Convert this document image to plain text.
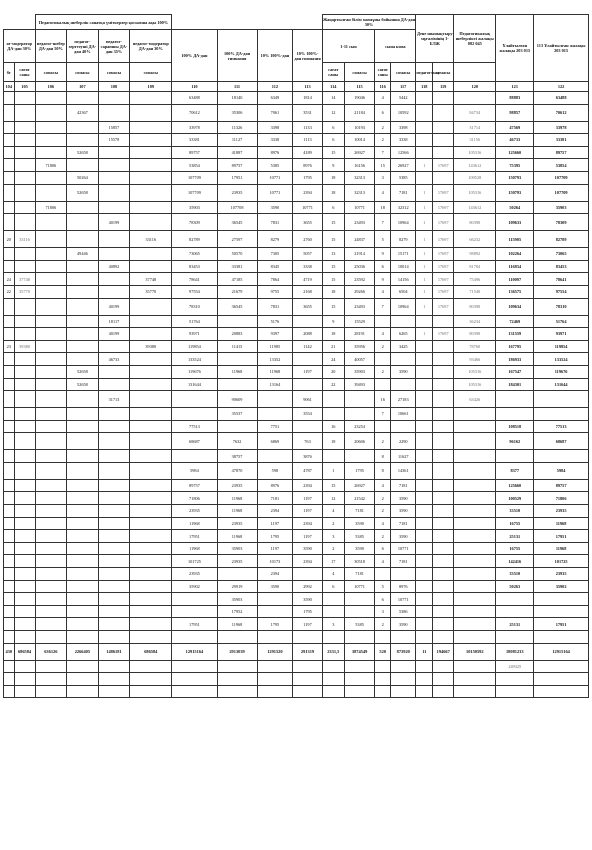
		Педагогикалық шеберлік санатқа үміткерлер қосымша ақы 100%								Жаңартылған білім мазмұны бойынша ДА-дан 30%				Дене шынықтыру мұғалімінің 1-БЛЖ		Педагогикалық шеберлікті жалақы 082 045	Ұлайтылған жалақы 203 015	113 Ұлайтылған жалақы 203 015
ағ-модератор ДА-дан 30%		педагог-шебер ДА-дан 50%	педагог-зерттеуші ДА-дан 40%	педагог-сарапшы ДА-дан 35%	педагог-модератор ДА-дан 30%	100% ДА-дан	100% ДА-дан гимназия	10% 100%-дан	10% 100%-дан гимназия	1-11 сын		сына кома						
бг	сағат саны	сомасы	сомасы	сомасы	сомасы					сағат саны	сомасы	сағат саны	сомасы	педагогтың	сомасы			
104	105	106	107	108	109	110	111	112	113	114	115	116	117	118	119	120	121	122
						63488	18140	6349	1814	14	19046	4	5442				88883	63488
			42367			70612	35306	7061	3531	12	21184	6	10592			84734	98857	70612
				15857		33978	11326	3398	1133	6	10193	2	3398			31714	47569	33978
				15578		33381	11127	3338	1113	6	10014	2	3338			31156	46733	33381
			52658			89757	41887	8976	4189	15	26927	7	12566			105316	125660	89757
		71806				53854	89757	5385	8976	9	16156	15	26927	1	17697	143612	75395	53854
			50264			107709	17951	10771	1795	18	32313	3	5385			100528	150793	107709
			52658			107709	23935	10771	2394	18	32313	4	7181	1	17697	105316	150793	107709
		71806				35903	107708	3590	10771	6	10771	18	32312	1	17697	143612	50264	35903
				40199		78309	36545	7831	3655	15	23493	7	10964	1	17697	80398	109633	78309
20	33116				33116	82789	27597	8279	2760	15	24837	5	8279	1	17697	66232	115905	82789
			49446			73065	50570	7305	5057	13	21914	9	15171	1	17697	98892	102264	73065
				40892		83453	33381	8345	3338	15	25036	6	10014	1	17697	81784	116834	83453
24	37748				37748	78641	47185	7864	4719	15	23592	9	14156	1	17697	75496	110097	78641
22	35770				35770	97554	21679	9755	2168	18	29266	4	6504	1	17697	71540	136575	97554
				40199		78310	36545	7831	3655	15	23493	7	10964	1	17697	80398	109634	78310
				18117		51764		5176		9	15529					36234	72469	51764
				40199		93971	20883	9397	2088	18	28191	4	6265	1	17697	80398	131559	93971
23	39380				39380	119854	11415	11985	1142	21	35956	2	3425			78760	167795	119854
				46733		133524		13352		24	40057					93466	186933	133524
			52658			119676	11968	11968	1197	20	35903	2	3590			105316	167547	119676
			52658			131644		13164		22	39493					105316	184301	131644
				31713			90609		9061			16	27183			63426		
							35537		3554			7	10661					
						77513		7751		16	23254						108518	77513
						68687	7632	6869	763	18	20606	2	2290				96162	68687
							38757		3876			8	11627					
						5984	47870	598	4787	1	1795	8	14361				8377	5984
						89757	23935	8976	2394	15	26927	4	7181				125660	89757
						71806	11968	7181	1197	12	21542	2	3590				100529	71806
						23935	11968	2394	1197	4	7181	2	3590				33510	23935
						11968	23935	1197	2394	2	3590	4	7181				16755	11968
						17951	11968	1795	1197	3	5385	2	3590				25131	17951
						11968	35903	1197	3590	2	3590	6	10771				16755	11968
						101725	23935	10173	2394	17	30518	4	7181				142416	101725
						23935		2394		4	7181						33510	23935
						35902	29919	3590	2992	6	10771	5	8976				50263	35902
							35903		3590			6	10771					
							17952		1795			3	5386					
						17951	11968	1795	1197	3	5385	2	3590				25131	17951

430	686584	636126	2266405	1486181	686584	12915164	2913039	1291520	291319	2331,5	3874549	520	873920	11	194667	10150592	18081233	12915164
																	249325	
